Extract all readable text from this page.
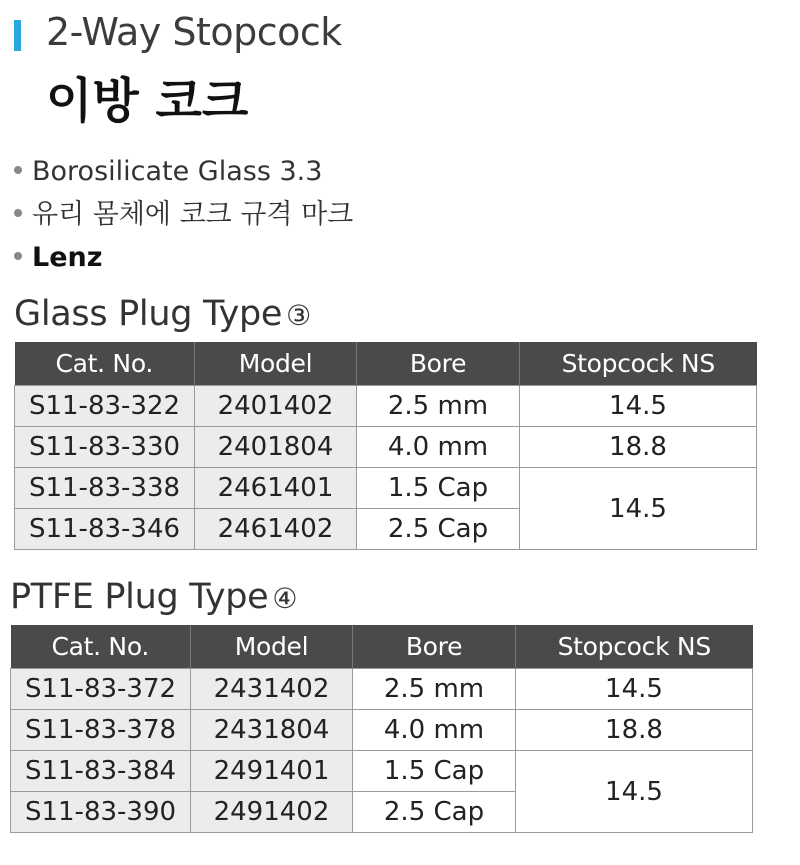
2-Way Stopcock
이방 코크
Borosilicate Glass 3.3
유리 몸체에 코크 규격 마크
Lenz
Glass Plug Type ③
Cat. No.	Model	Bore	Stopcock NS
S11-83-322	2401402	2.5 mm	14.5
S11-83-330	2401804	4.0 mm	18.8
S11-83-338	2461401	1.5 Cap	14.5
S11-83-346	2461402	2.5 Cap	
PTFE Plug Type ④
Cat. No.	Model	Bore	Stopcock NS
S11-83-372	2431402	2.5 mm	14.5
S11-83-378	2431804	4.0 mm	18.8
S11-83-384	2491401	1.5 Cap	14.5
S11-83-390	2491402	2.5 Cap	
